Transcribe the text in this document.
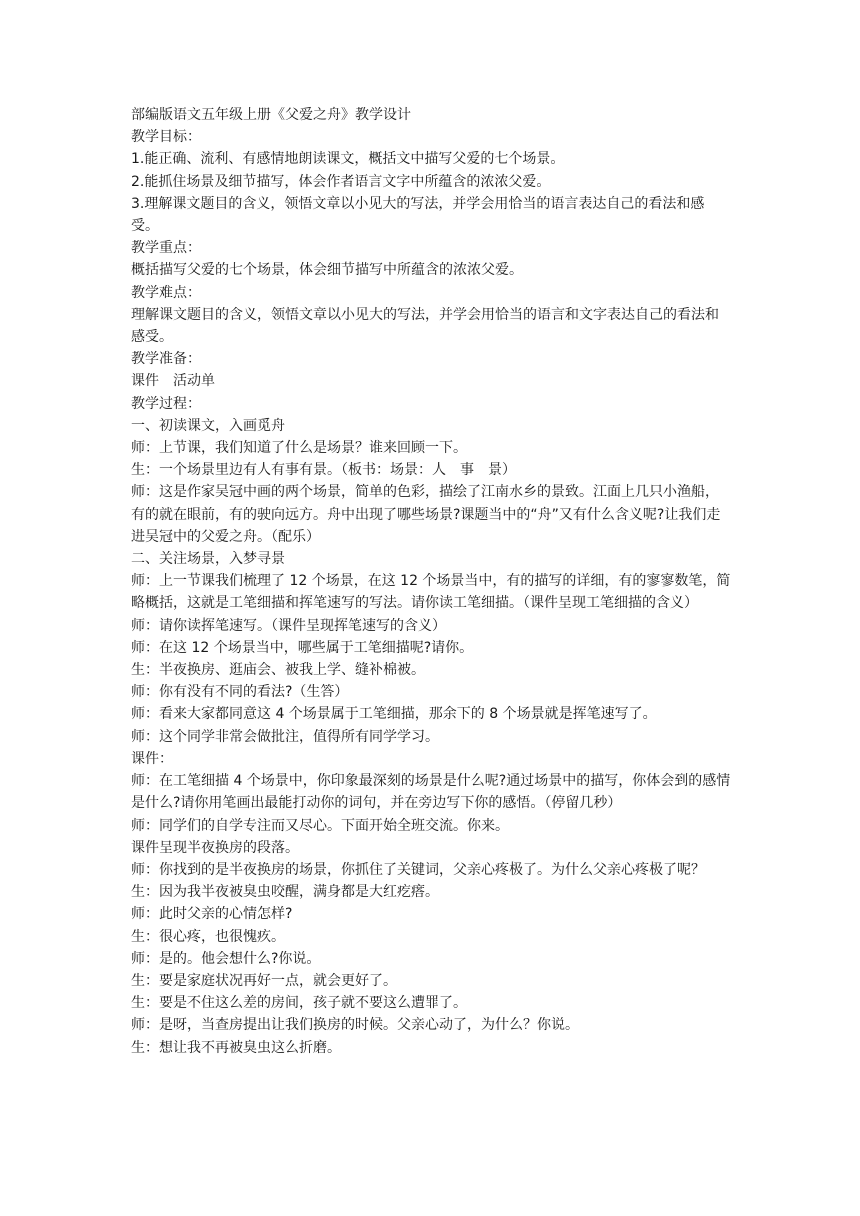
部编版语文五年级上册《父爱之舟》教学设计

教学目标：

1.能正确、流利、有感情地朗读课文，概括文中描写父爱的七个场景。

2.能抓住场景及细节描写，体会作者语言文字中所蕴含的浓浓父爱。

3.理解课文题目的含义，领悟文章以小见大的写法，并学会用恰当的语言表达自己的看法和感受。

教学重点：

概括描写父爱的七个场景，体会细节描写中所蕴含的浓浓父爱。

教学难点：

理解课文题目的含义，领悟文章以小见大的写法，并学会用恰当的语言和文字表达自己的看法和感受。

教学准备：

课件　活动单

教学过程：

一、初读课文，入画觅舟

师：上节课，我们知道了什么是场景？谁来回顾一下。

生：一个场景里边有人有事有景。（板书：场景：人　事　景）

师：这是作家吴冠中画的两个场景，简单的色彩，描绘了江南水乡的景致。江面上几只小渔船，有的就在眼前，有的驶向远方。舟中出现了哪些场景?课题当中的“舟”又有什么含义呢?让我们走进吴冠中的父爱之舟。（配乐）

二、关注场景，入梦寻景

师：上一节课我们梳理了 12 个场景，在这 12 个场景当中，有的描写的详细，有的寥寥数笔，简略概括，这就是工笔细描和挥笔速写的写法。请你读工笔细描。（课件呈现工笔细描的含义）

师：请你读挥笔速写。（课件呈现挥笔速写的含义）

师：在这 12 个场景当中，哪些属于工笔细描呢?请你。

生：半夜换房、逛庙会、被我上学、缝补棉被。

师：你有没有不同的看法?（生答）

师：看来大家都同意这 4 个场景属于工笔细描，那余下的 8 个场景就是挥笔速写了。

师：这个同学非常会做批注，值得所有同学学习。

课件：

师：在工笔细描 4 个场景中，你印象最深刻的场景是什么呢?通过场景中的描写，你体会到的感情是什么?请你用笔画出最能打动你的词句，并在旁边写下你的感悟。（停留几秒）

师：同学们的自学专注而又尽心。下面开始全班交流。你来。

课件呈现半夜换房的段落。

师：你找到的是半夜换房的场景，你抓住了关键词，父亲心疼极了。为什么父亲心疼极了呢？

生：因为我半夜被臭虫咬醒，满身都是大红疙瘩。

师：此时父亲的心情怎样?

生：很心疼，也很愧疚。

师：是的。他会想什么?你说。

生：要是家庭状况再好一点，就会更好了。

生：要是不住这么差的房间，孩子就不要这么遭罪了。

师：是呀，当查房提出让我们换房的时候。父亲心动了，为什么？你说。

生：想让我不再被臭虫这么折磨。
